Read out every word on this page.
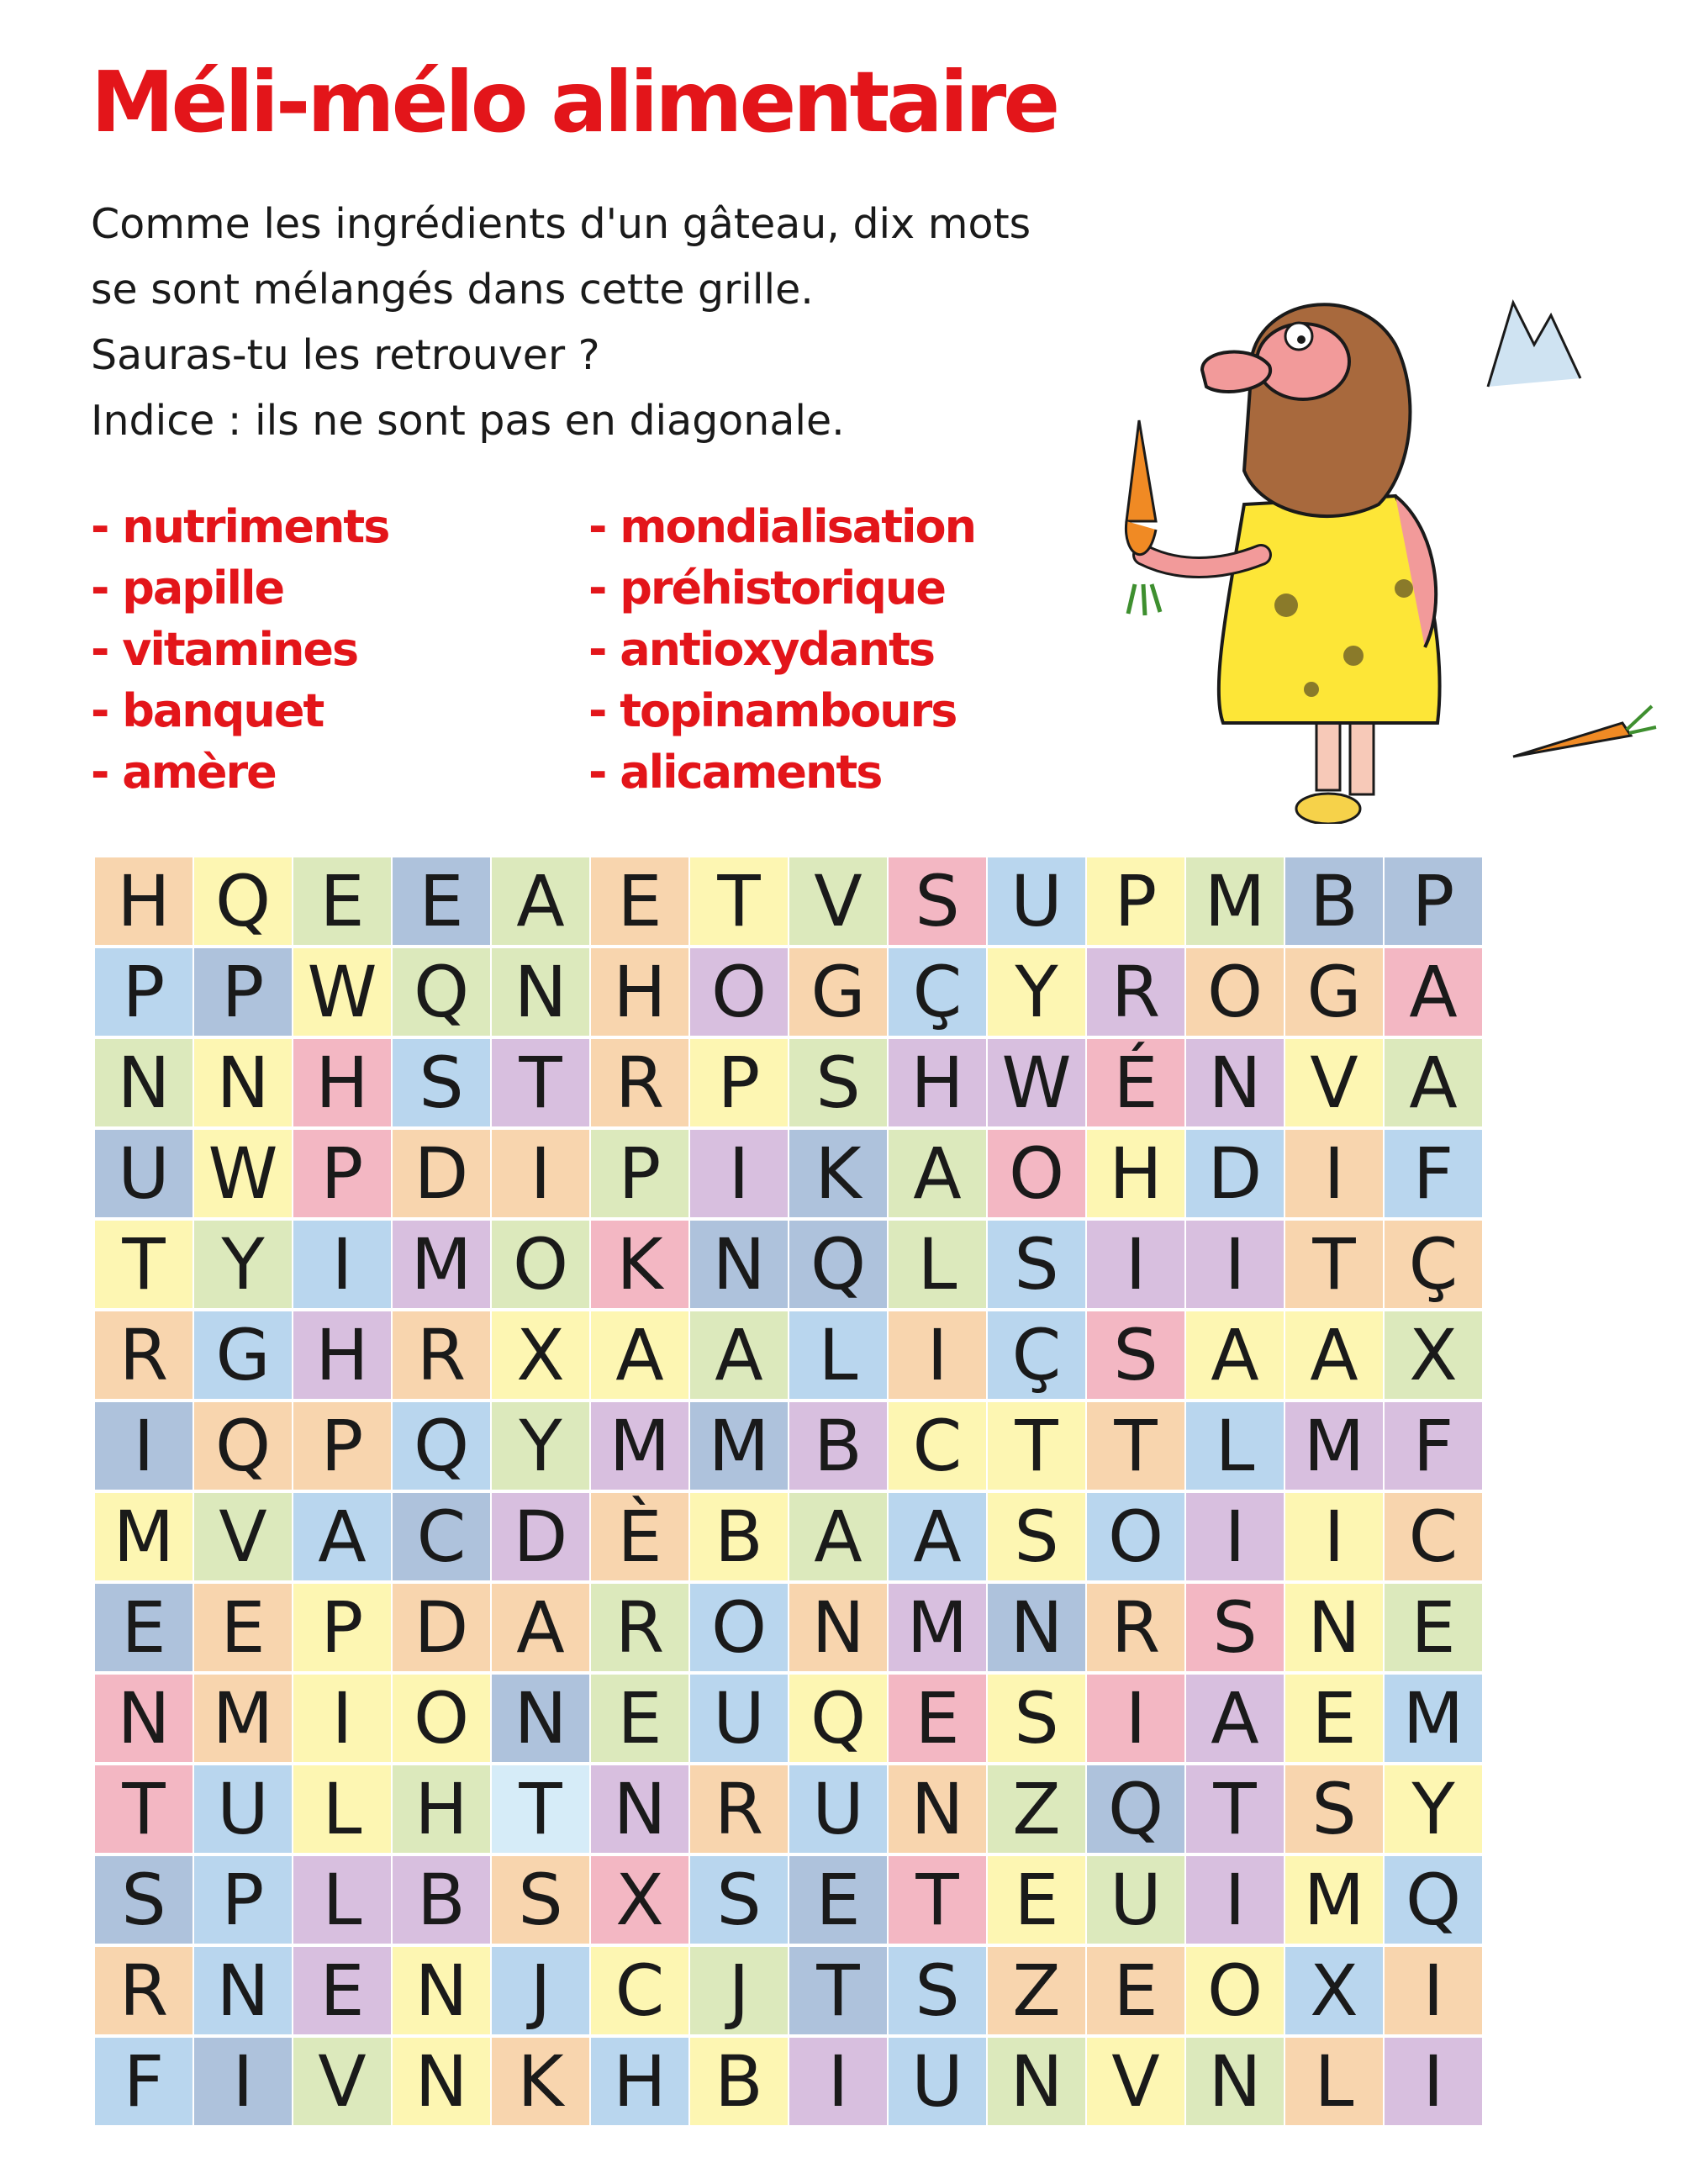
Méli-mélo alimentaire
Comme les ingrédients d'un gâteau, dix mots
se sont mélangés dans cette grille.
Sauras-tu les retrouver ?
Indice : ils ne sont pas en diagonale.
- nutriments
- papille
- vitamines
- banquet
- amère
- mondialisation
- préhistorique
- antioxydants
- topinambours
- alicaments
H Q E E A E T V S U P M B P
P P W Q N H O G Ç Y R O G A
N N H S T R P S H W É N V A
U W P D I P I K A O H D I F
T Y I M O K N Q L S I	I T Ç
R G H R X A A L I Ç S A A X
I Q P Q Y M M B C T T L M F
M V A C D È B A A S O I	I C
E E P D A R O N M N R S N E
N M I O N E U Q E S I A E M
T U L H T N R U N Z Q T S Y
S P L B S X S E T E U I M Q
R N E N J C J T S Z E O X I
F I V N K H B I U N V N L I
